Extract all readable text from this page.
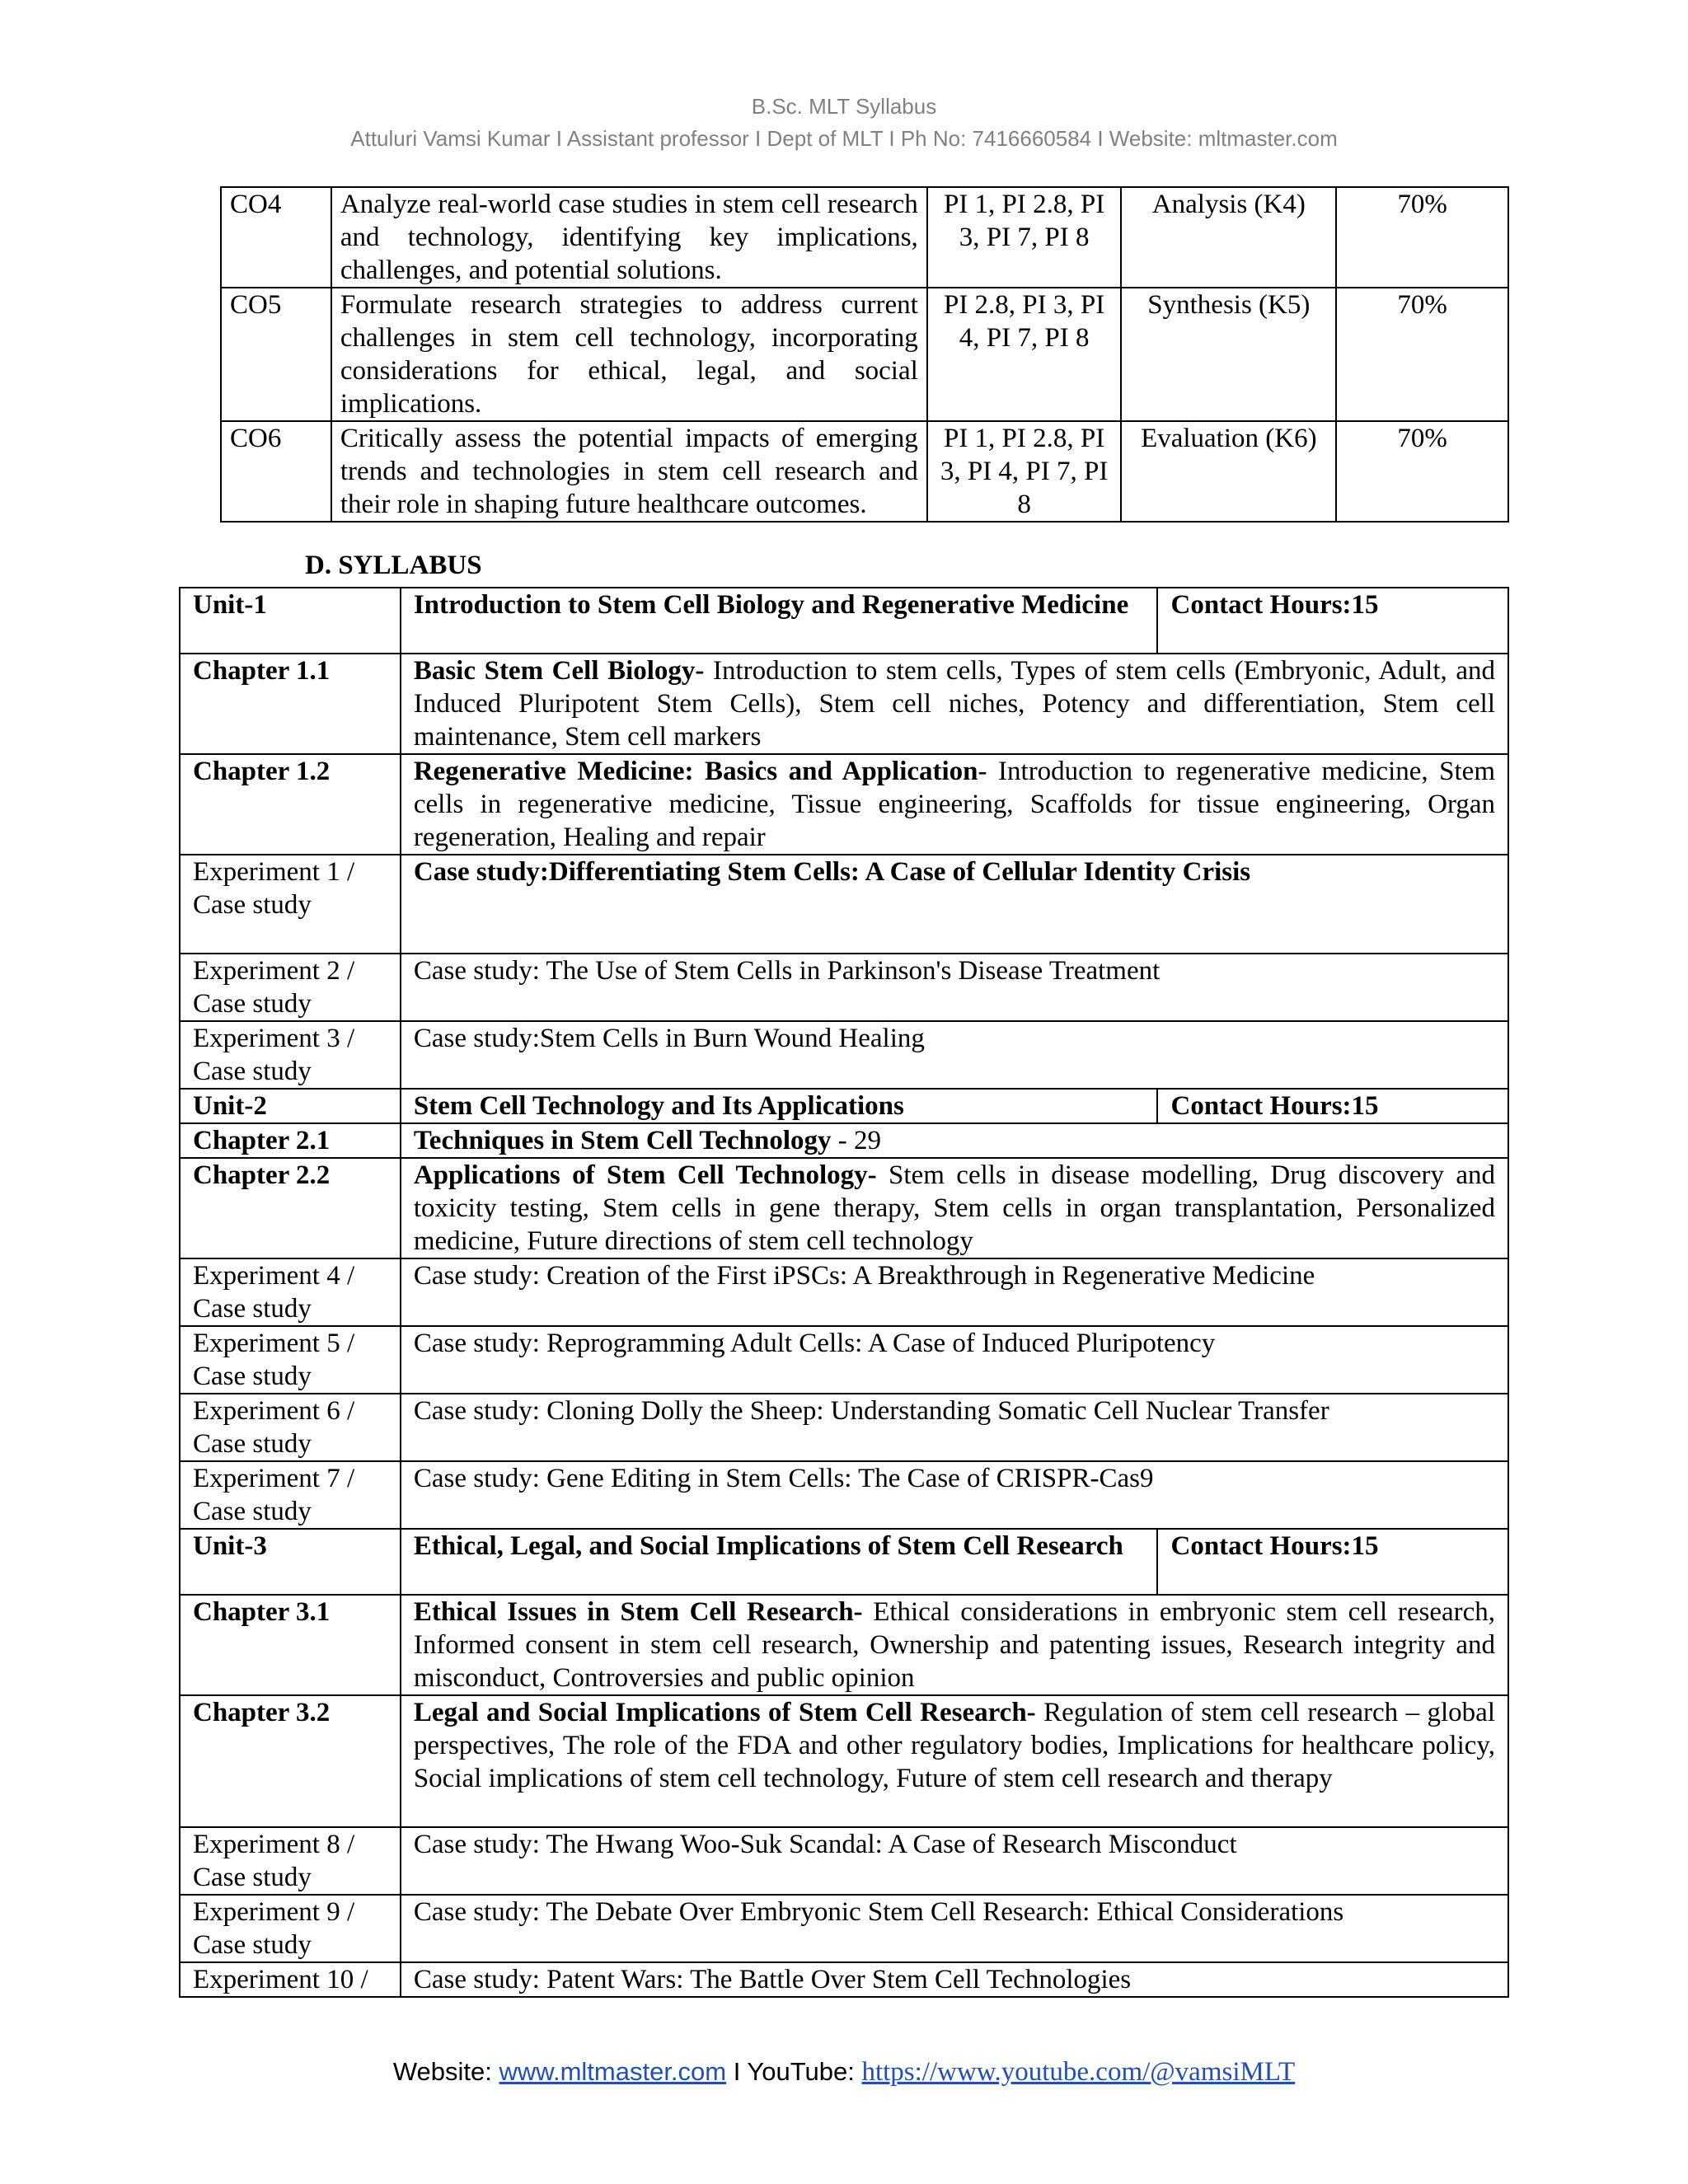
B.Sc. MLT Syllabus
Attuluri Vamsi Kumar I Assistant professor I Dept of MLT I Ph No: 7416660584 I Website: mltmaster.com
CO4	Analyze real-world case studies in stem cell research and technology, identifying key implications, challenges, and potential solutions.	PI 1, PI 2.8, PI 3, PI 7, PI 8	Analysis (K4)	70%
CO5	Formulate research strategies to address current challenges in stem cell technology, incorporating considerations for ethical, legal, and social implications.	PI 2.8, PI 3, PI 4, PI 7, PI 8	Synthesis (K5)	70%
CO6	Critically assess the potential impacts of emerging trends and technologies in stem cell research and their role in shaping future healthcare outcomes.	PI 1, PI 2.8, PI 3, PI 4, PI 7, PI 8	Evaluation (K6)	70%
D. SYLLABUS
Unit-1	Introduction to Stem Cell Biology and Regenerative Medicine	Contact Hours:15
Chapter 1.1	Basic Stem Cell Biology- Introduction to stem cells, Types of stem cells (Embryonic, Adult, and Induced Pluripotent Stem Cells), Stem cell niches, Potency and differentiation, Stem cell maintenance, Stem cell markers	
Chapter 1.2	Regenerative Medicine: Basics and Application- Introduction to regenerative medicine, Stem cells in regenerative medicine, Tissue engineering, Scaffolds for tissue engineering, Organ regeneration, Healing and repair	
Experiment 1 / Case study	Case study:Differentiating Stem Cells: A Case of Cellular Identity Crisis	
Experiment 2 / Case study	Case study: The Use of Stem Cells in Parkinson's Disease Treatment	
Experiment 3 / Case study	Case study:Stem Cells in Burn Wound Healing	
Unit-2	Stem Cell Technology and Its Applications	Contact Hours:15
Chapter 2.1	Techniques in Stem Cell Technology - 29	
Chapter 2.2	Applications of Stem Cell Technology- Stem cells in disease modelling, Drug discovery and toxicity testing, Stem cells in gene therapy, Stem cells in organ transplantation, Personalized medicine, Future directions of stem cell technology	
Experiment 4 / Case study	Case study: Creation of the First iPSCs: A Breakthrough in Regenerative Medicine	
Experiment 5 / Case study	Case study: Reprogramming Adult Cells: A Case of Induced Pluripotency	
Experiment 6 / Case study	Case study: Cloning Dolly the Sheep: Understanding Somatic Cell Nuclear Transfer	
Experiment 7 / Case study	Case study: Gene Editing in Stem Cells: The Case of CRISPR-Cas9	
Unit-3	Ethical, Legal, and Social Implications of Stem Cell Research	Contact Hours:15
Chapter 3.1	Ethical Issues in Stem Cell Research- Ethical considerations in embryonic stem cell research, Informed consent in stem cell research, Ownership and patenting issues, Research integrity and misconduct, Controversies and public opinion	
Chapter 3.2	Legal and Social Implications of Stem Cell Research- Regulation of stem cell research – global perspectives, The role of the FDA and other regulatory bodies, Implications for healthcare policy, Social implications of stem cell technology, Future of stem cell research and therapy	
Experiment 8 / Case study	Case study: The Hwang Woo-Suk Scandal: A Case of Research Misconduct	
Experiment 9 / Case study	Case study: The Debate Over Embryonic Stem Cell Research: Ethical Considerations	
Experiment 10 /	Case study: Patent Wars: The Battle Over Stem Cell Technologies	
Website: www.mltmaster.com I YouTube: https://www.youtube.com/@vamsiMLT
